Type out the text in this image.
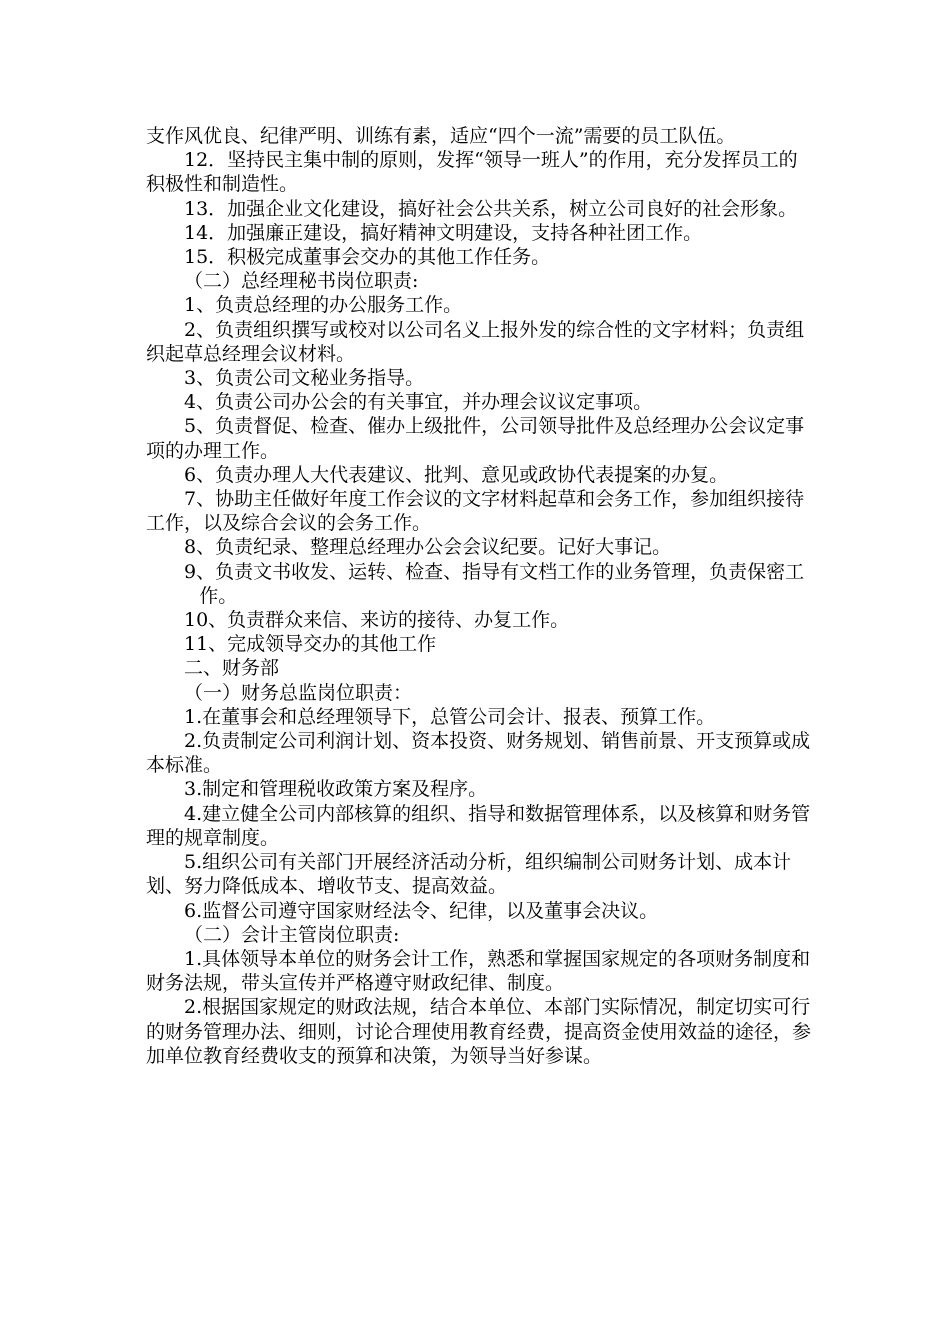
支作风优良、纪律严明、训练有素，适应“四个一流”需要的员工队伍。

12．坚持民主集中制的原则，发挥“领导一班人”的作用，充分发挥员工的积极性和制造性。

13．加强企业文化建设，搞好社会公共关系，树立公司良好的社会形象。

14．加强廉正建设，搞好精神文明建设，支持各种社团工作。

15．积极完成董事会交办的其他工作任务。

（二）总经理秘书岗位职责:

1、负责总经理的办公服务工作。

2、负责组织撰写或校对以公司名义上报外发的综合性的文字材料；负责组织起草总经理会议材料。

3、负责公司文秘业务指导。

4、负责公司办公会的有关事宜，并办理会议议定事项。

5、负责督促、检查、催办上级批件，公司领导批件及总经理办公会议定事项的办理工作。

6、负责办理人大代表建议、批判、意见或政协代表提案的办复。

7、协助主任做好年度工作会议的文字材料起草和会务工作，参加组织接待工作，以及综合会议的会务工作。

8、负责纪录、整理总经理办公会会议纪要。记好大事记。

9、负责文书收发、运转、检查、指导有文档工作的业务管理，负责保密工

作。

10、负责群众来信、来访的接待、办复工作。

11、完成领导交办的其他工作

二、财务部

（一）财务总监岗位职责：

1.在董事会和总经理领导下，总管公司会计、报表、预算工作。

2.负责制定公司利润计划、资本投资、财务规划、销售前景、开支预算或成本标准。

3.制定和管理税收政策方案及程序。

4.建立健全公司内部核算的组织、指导和数据管理体系，以及核算和财务管理的规章制度。

5.组织公司有关部门开展经济活动分析，组织编制公司财务计划、成本计划、努力降低成本、增收节支、提高效益。

6.监督公司遵守国家财经法令、纪律，以及董事会决议。

（二）会计主管岗位职责:

1.具体领导本单位的财务会计工作，熟悉和掌握国家规定的各项财务制度和财务法规，带头宣传并严格遵守财政纪律、制度。

2.根据国家规定的财政法规，结合本单位、本部门实际情况，制定切实可行的财务管理办法、细则，讨论合理使用教育经费，提高资金使用效益的途径，参加单位教育经费收支的预算和决策，为领导当好参谋。
